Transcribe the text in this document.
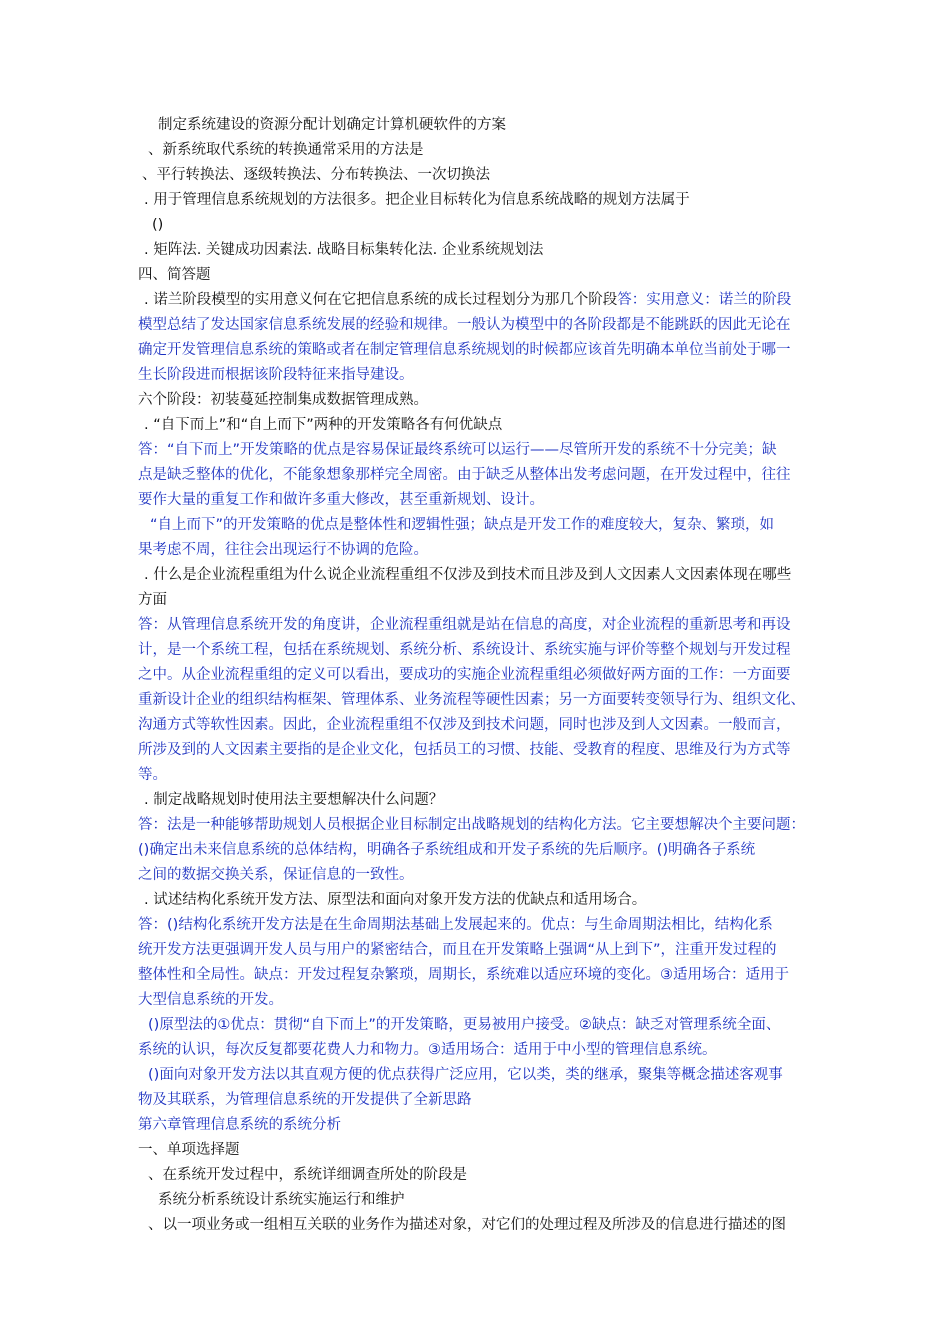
制定系统建设的资源分配计划确定计算机硬软件的方案
、新系统取代系统的转换通常采用的方法是
、平行转换法、逐级转换法、分布转换法、一次切换法
. 用于管理信息系统规划的方法很多。把企业目标转化为信息系统战略的规划方法属于
()
. 矩阵法. 关键成功因素法. 战略目标集转化法. 企业系统规划法
四、简答题
. 诺兰阶段模型的实用意义何在它把信息系统的成长过程划分为那几个阶段答：实用意义：诺兰的阶段
模型总结了发达国家信息系统发展的经验和规律。一般认为模型中的各阶段都是不能跳跃的因此无论在
确定开发管理信息系统的策略或者在制定管理信息系统规划的时候都应该首先明确本单位当前处于哪一
生长阶段进而根据该阶段特征来指导建设。
六个阶段：初装蔓延控制集成数据管理成熟。
. “自下而上”和“自上而下”两种的开发策略各有何优缺点
答：“自下而上”开发策略的优点是容易保证最终系统可以运行——尽管所开发的系统不十分完美；缺
点是缺乏整体的优化，不能象想象那样完全周密。由于缺乏从整体出发考虑问题，在开发过程中，往往
要作大量的重复工作和做许多重大修改，甚至重新规划、设计。
“自上而下”的开发策略的优点是整体性和逻辑性强；缺点是开发工作的难度较大，复杂、繁琐，如
果考虑不周，往往会出现运行不协调的危险。
. 什么是企业流程重组为什么说企业流程重组不仅涉及到技术而且涉及到人文因素人文因素体现在哪些
方面
答：从管理信息系统开发的角度讲，企业流程重组就是站在信息的高度，对企业流程的重新思考和再设
计，是一个系统工程，包括在系统规划、系统分析、系统设计、系统实施与评价等整个规划与开发过程
之中。从企业流程重组的定义可以看出，要成功的实施企业流程重组必须做好两方面的工作：一方面要
重新设计企业的组织结构框架、管理体系、业务流程等硬性因素；另一方面要转变领导行为、组织文化、
沟通方式等软性因素。因此，企业流程重组不仅涉及到技术问题，同时也涉及到人文因素。一般而言，
所涉及到的人文因素主要指的是企业文化，包括员工的习惯、技能、受教育的程度、思维及行为方式等
等。
. 制定战略规划时使用法主要想解决什么问题？
答：法是一种能够帮助规划人员根据企业目标制定出战略规划的结构化方法。它主要想解决个主要问题：
()确定出未来信息系统的总体结构，明确各子系统组成和开发子系统的先后顺序。()明确各子系统
之间的数据交换关系，保证信息的一致性。
. 试述结构化系统开发方法、原型法和面向对象开发方法的优缺点和适用场合。
答：()结构化系统开发方法是在生命周期法基础上发展起来的。优点：与生命周期法相比，结构化系
统开发方法更强调开发人员与用户的紧密结合，而且在开发策略上强调“从上到下”，注重开发过程的
整体性和全局性。缺点：开发过程复杂繁琐，周期长，系统难以适应环境的变化。③适用场合：适用于
大型信息系统的开发。
()原型法的①优点：贯彻“自下而上”的开发策略，更易被用户接受。②缺点：缺乏对管理系统全面、
系统的认识，每次反复都要花费人力和物力。③适用场合：适用于中小型的管理信息系统。
()面向对象开发方法以其直观方便的优点获得广泛应用，它以类，类的继承，聚集等概念描述客观事
物及其联系，为管理信息系统的开发提供了全新思路
第六章管理信息系统的系统分析
一、单项选择题
、在系统开发过程中，系统详细调查所处的阶段是
系统分析系统设计系统实施运行和维护
、以一项业务或一组相互关联的业务作为描述对象，对它们的处理过程及所涉及的信息进行描述的图
